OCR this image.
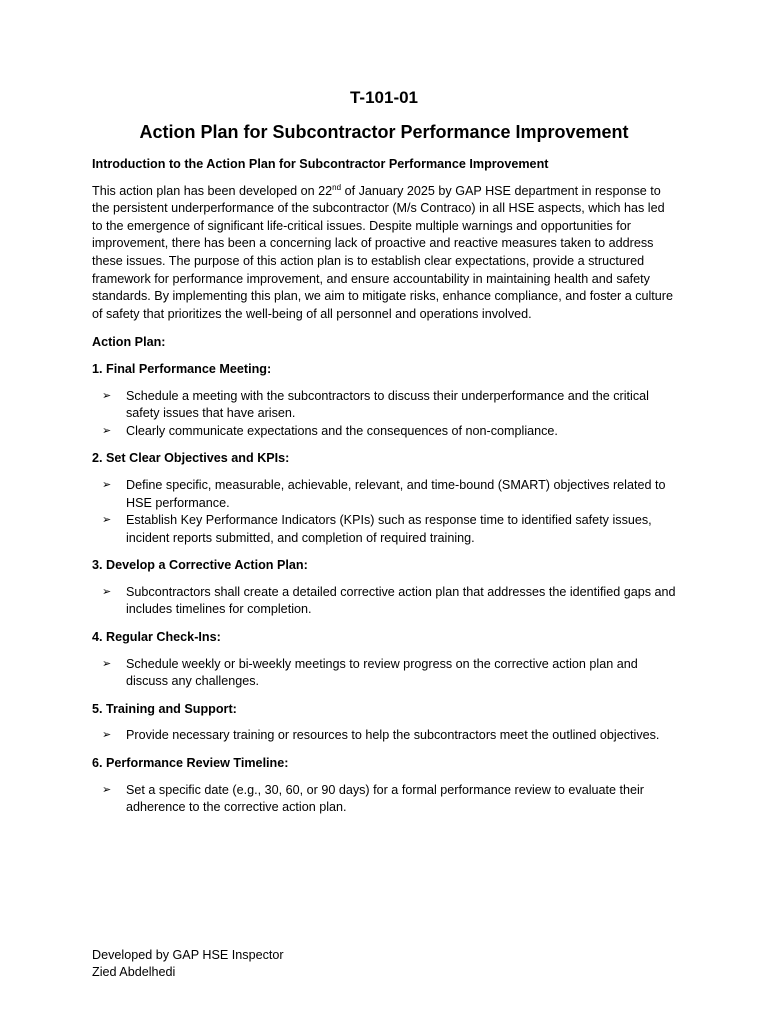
T-101-01
Action Plan for Subcontractor Performance Improvement
Introduction to the Action Plan for Subcontractor Performance Improvement

This action plan has been developed on 22nd of January 2025 by GAP HSE department in response to the persistent underperformance of the subcontractor (M/s Contraco) in all HSE aspects, which has led to the emergence of significant life-critical issues. Despite multiple warnings and opportunities for improvement, there has been a concerning lack of proactive and reactive measures taken to address these issues. The purpose of this action plan is to establish clear expectations, provide a structured framework for performance improvement, and ensure accountability in maintaining health and safety standards. By implementing this plan, we aim to mitigate risks, enhance compliance, and foster a culture of safety that prioritizes the well-being of all personnel and operations involved.

Action Plan:
1. Final Performance Meeting:
➢ Schedule a meeting with the subcontractors to discuss their underperformance and the critical safety issues that have arisen.
➢ Clearly communicate expectations and the consequences of non-compliance.
2. Set Clear Objectives and KPIs:
➢ Define specific, measurable, achievable, relevant, and time-bound (SMART) objectives related to HSE performance.
➢ Establish Key Performance Indicators (KPIs) such as response time to identified safety issues, incident reports submitted, and completion of required training.
3. Develop a Corrective Action Plan:
➢ Subcontractors shall create a detailed corrective action plan that addresses the identified gaps and includes timelines for completion.
4. Regular Check-Ins:
➢ Schedule weekly or bi-weekly meetings to review progress on the corrective action plan and discuss any challenges.
5. Training and Support:
➢ Provide necessary training or resources to help the subcontractors meet the outlined objectives.
6. Performance Review Timeline:
➢ Set a specific date (e.g., 30, 60, or 90 days) for a formal performance review to evaluate their adherence to the corrective action plan.
Developed by GAP HSE Inspector
Zied Abdelhedi
